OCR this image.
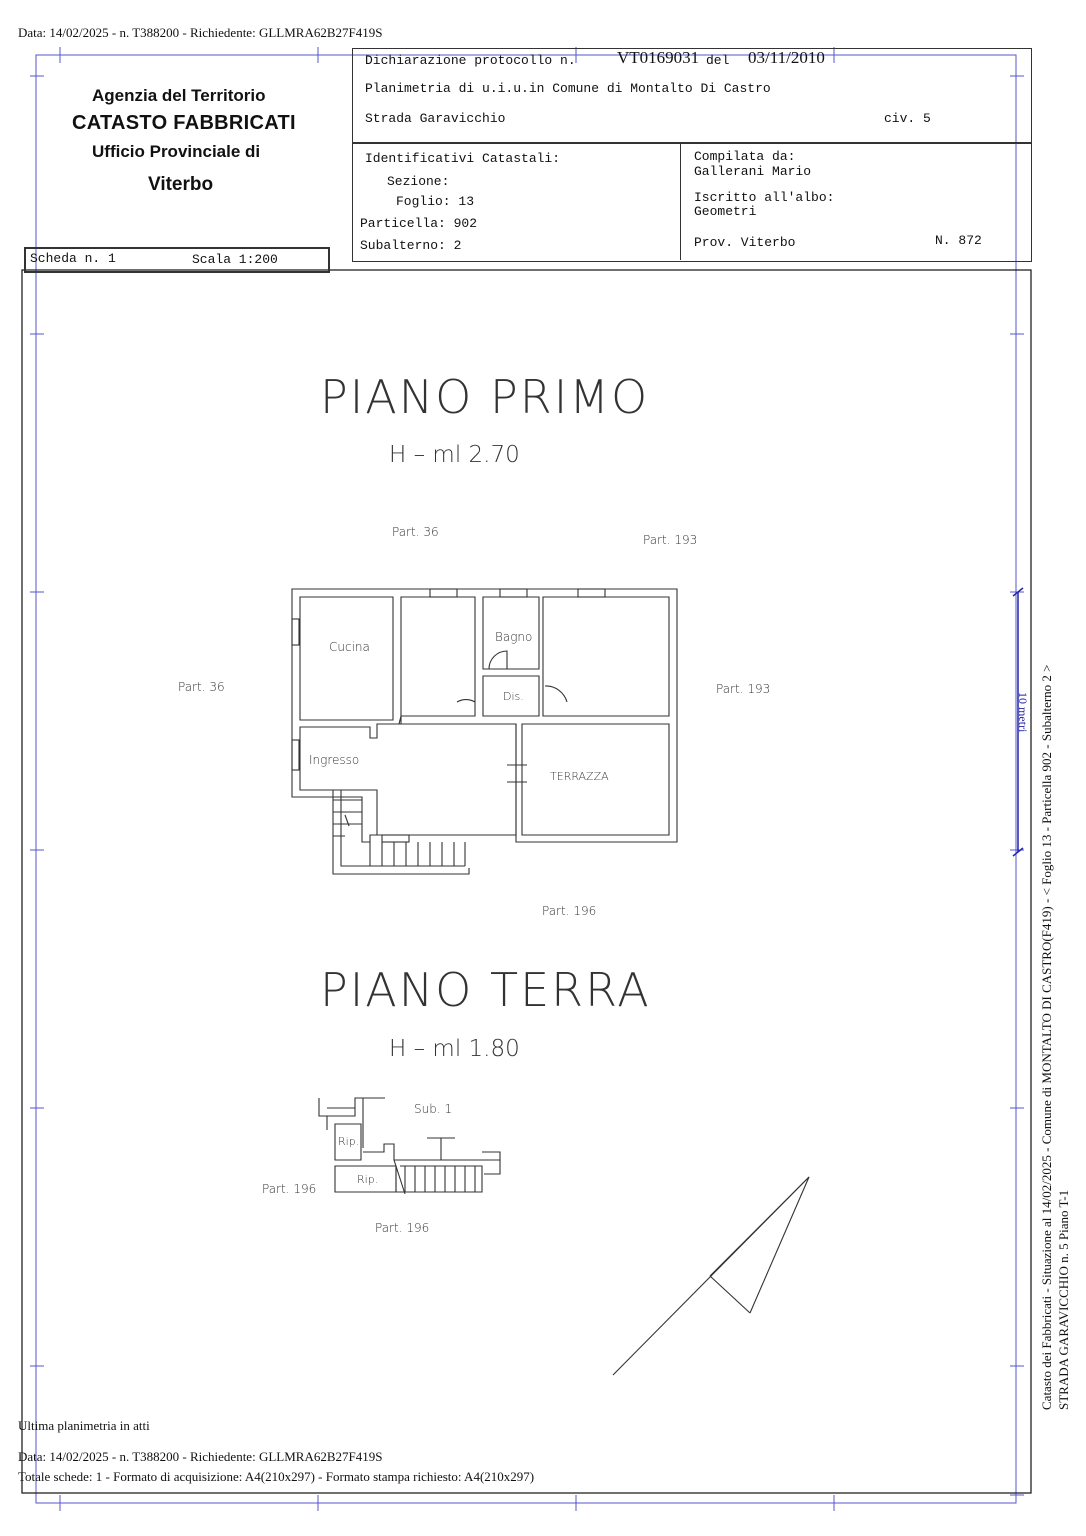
Data: 14/02/2025 - n. T388200 - Richiedente: GLLMRA62B27F419S
Agenzia del Territorio
CATASTO FABBRICATI
Ufficio Provinciale di
Viterbo
Dichiarazione protocollo n. VT0169031 del 03/11/2010
Planimetria di u.i.u.in Comune di Montalto Di Castro
Strada Garavicchio	civ. 5
Identificativi Catastali:
Sezione:
Foglio: 13
Particella: 902
Subalterno: 2
Compilata da:
Gallerani Mario
Iscritto all'albo:
Geometri
Prov. Viterbo	N. 872
Scheda n. 1	Scala 1:200
PIANO PRIMO
H – ml 2.70
PIANO TERRA
H – ml 1.80
Part. 36
Part. 193
Part. 36	Part. 193
Part. 196
Cucina
Bagno
Dis.
Ingresso
TERRAZZA
Sub. 1
Rip.
Rip.
Part. 196
Part. 196
10 metri Catasto dei Fabbricati - Situazione al 14/02/2025 - Comune di MONTALTO DI CASTRO(F419) - < Foglio 13 - Particella 902 - Subalterno 2 > STRADA GARAVICCHIO n. 5 Piano T-1
Ultima planimetria in atti
Data: 14/02/2025 - n. T388200 - Richiedente: GLLMRA62B27F419S
Totale schede: 1 - Formato di acquisizione: A4(210x297) - Formato stampa richiesto: A4(210x297)
